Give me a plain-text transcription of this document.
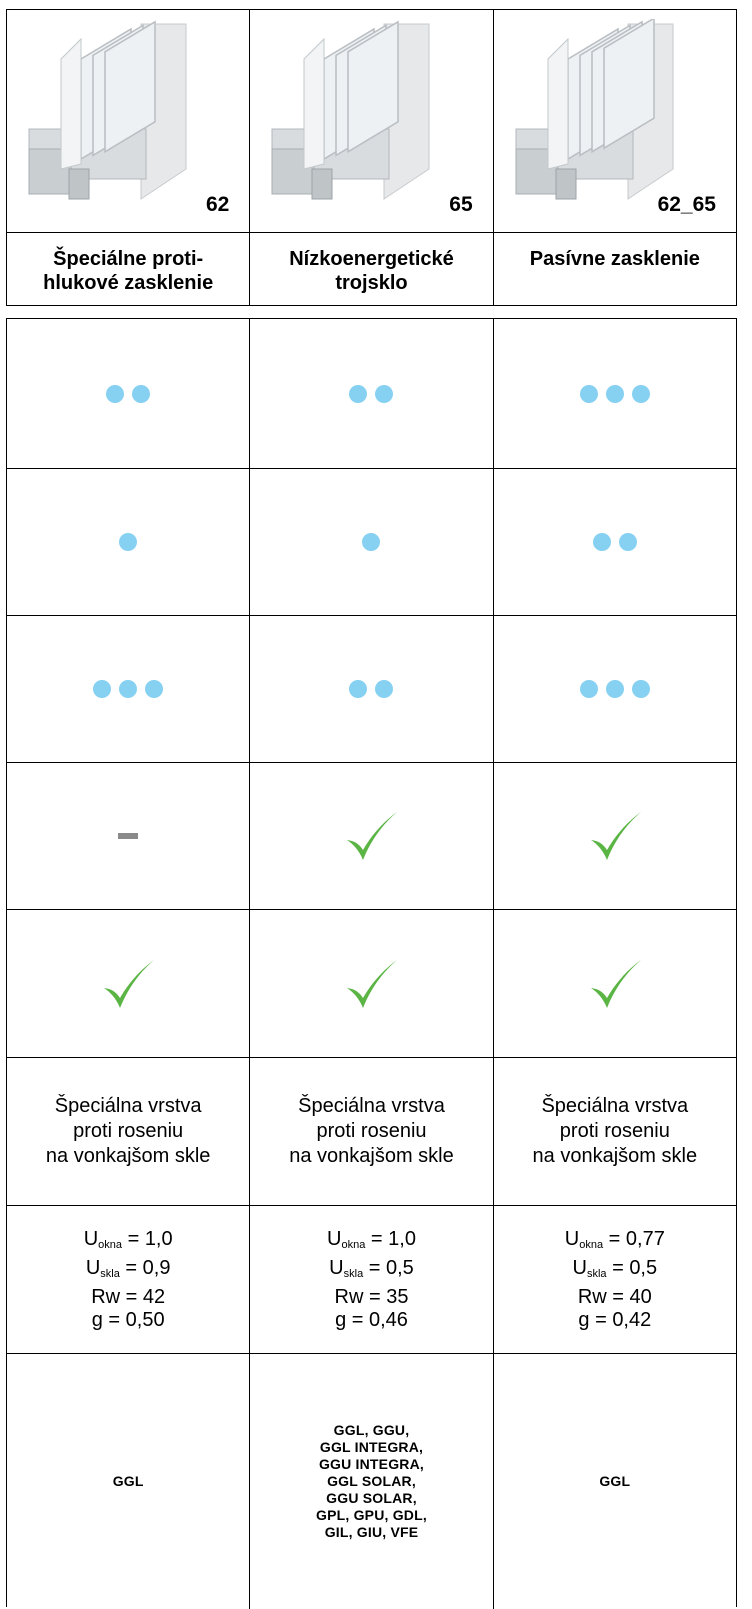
62
Špeciálne proti-
hlukové zasklenie
65
Nízkoenergetické
trojsklo
62_65
Pasívne zasklenie
Špeciálna vrstva
proti roseniu
na vonkajšom skle
Špeciálna vrstva
proti roseniu
na vonkajšom skle
Špeciálna vrstva
proti roseniu
na vonkajšom skle
$U_{okna} = 1,0$
$U_{skla} = 0,9$
Rw = 42
g = 0,50
$U_{okna} = 1,0$
$U_{skla} = 0,5$
Rw = 35
g = 0,46
$U_{okna} = 0,77$
$U_{skla} = 0,5$
Rw = 40
g = 0,42
GGL
GGL, GGU,
GGL INTEGRA,
GGU INTEGRA,
GGL SOLAR,
GGU SOLAR,
GPL, GPU, GDL,
GIL, GIU, VFE
GGL
